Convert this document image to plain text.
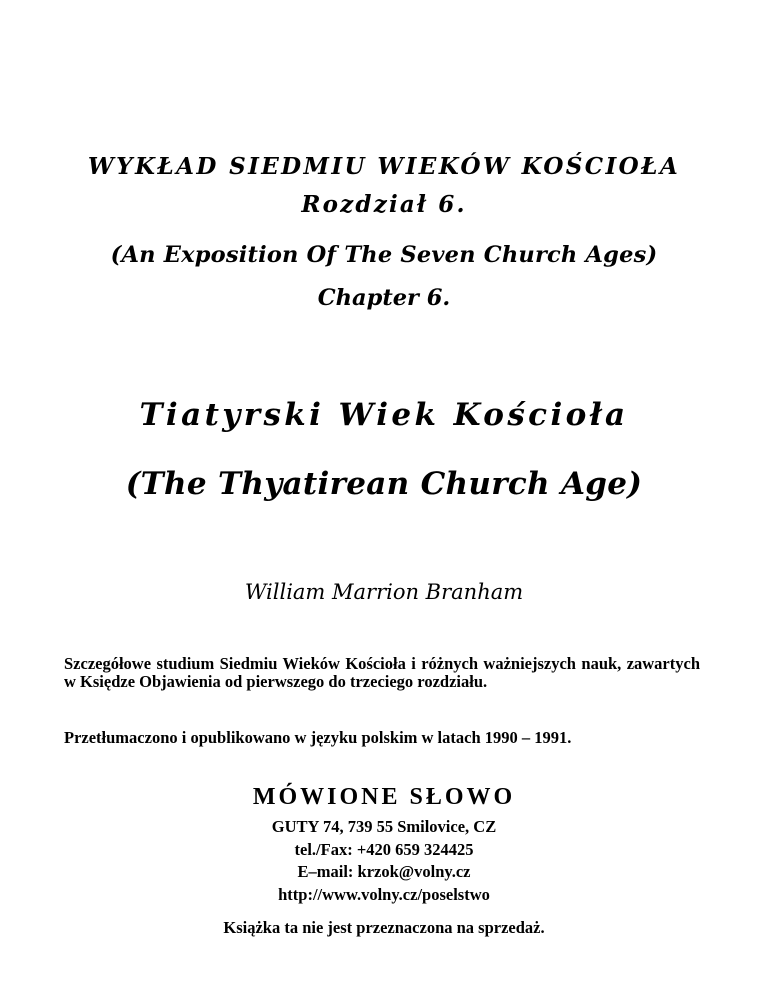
WYKŁAD SIEDMIU WIEKÓW KOŚCIOŁA
Rozdział 6.
(An Exposition Of The Seven Church Ages)
Chapter 6.
Tiatyrski Wiek Kościoła
(The Thyatirean Church Age)
William Marrion Branham

Szczegółowe studium Siedmiu Wieków Kościoła i różnych ważniejszych nauk, zawartych w Księdze Objawienia od pierwszego do trzeciego rozdziału.

Przetłumaczono i opublikowano w języku polskim w latach 1990 – 1991.

MÓWIONE SŁOWO
GUTY 74, 739 55 Smilovice, CZ
tel./Fax: +420 659 324425
E–mail: krzok@volny.cz
http://www.volny.cz/poselstwo
Książka ta nie jest przeznaczona na sprzedaż.
